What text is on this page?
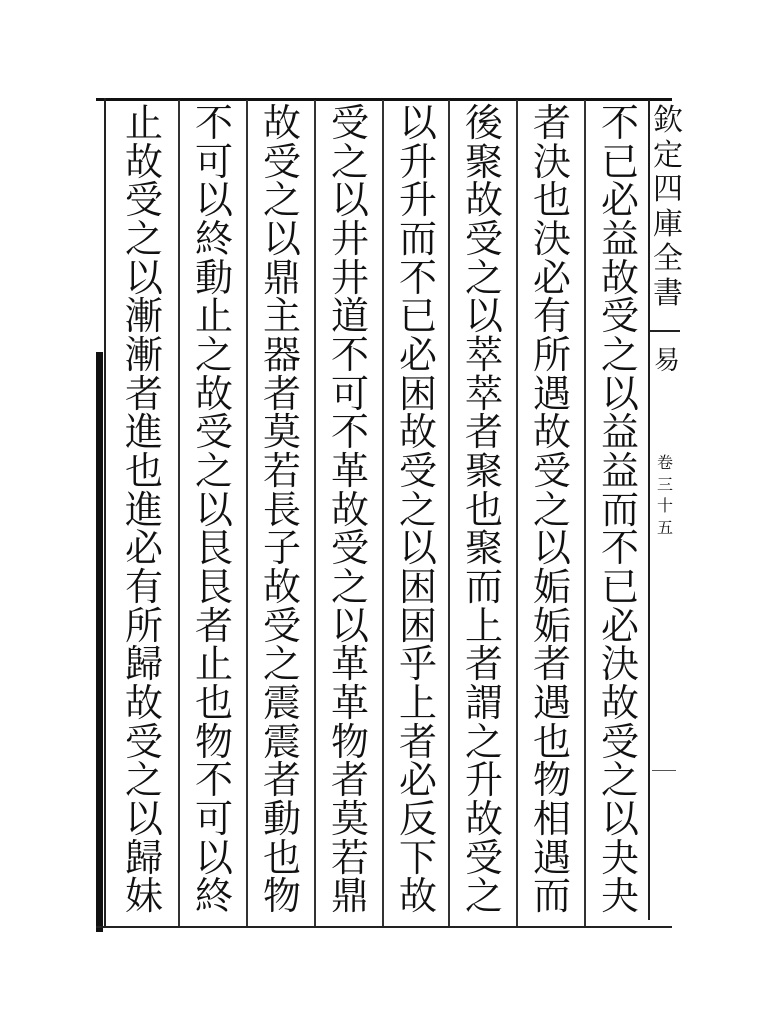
不
已
必
益
故
受
之
以
益
益
而
不
已
必
決
故
受
之
以
夬
夬
者
決
也
決
必
有
所
遇
故
受
之
以
姤
姤
者
遇
也
物
相
遇
而
後
聚
故
受
之
以
萃
萃
者
聚
也
聚
而
上
者
謂
之
升
故
受
之
以
升
升
而
不
已
必
困
故
受
之
以
困
困
乎
上
者
必
反
下
故
受
之
以
井
井
道
不
可
不
革
故
受
之
以
革
革
物
者
莫
若
鼎
故
受
之
以
鼎
主
器
者
莫
若
長
子
故
受
之
震
震
者
動
也
物
不
可
以
終
動
止
之
故
受
之
以
艮
艮
者
止
也
物
不
可
以
終
止
故
受
之
以
漸
漸
者
進
也
進
必
有
所
歸
故
受
之
以
歸
妹
欽
定
四
庫
全
書
易
卷
三
十
五
